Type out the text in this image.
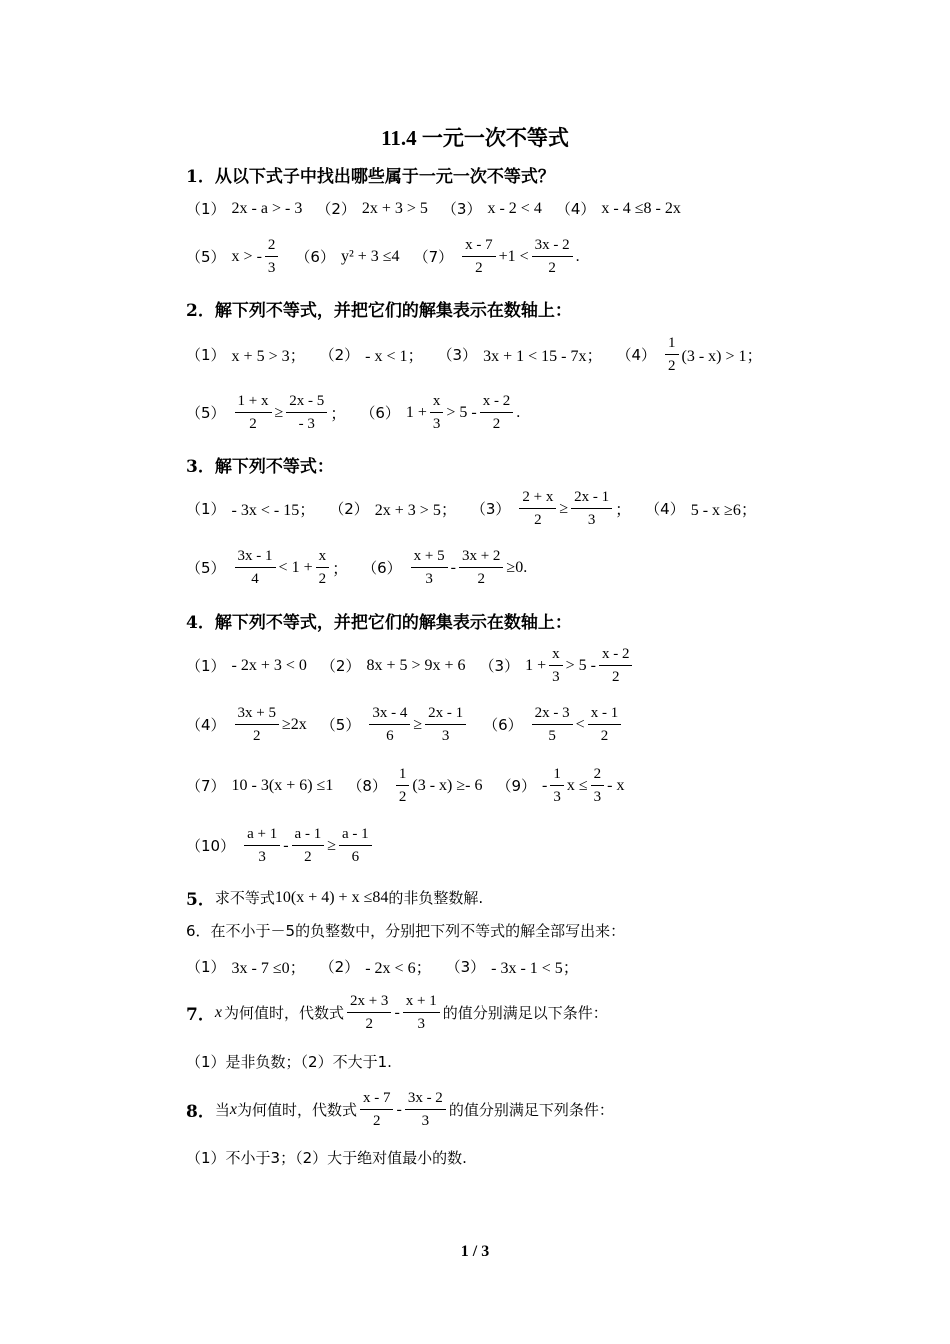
11.4 一元一次不等式
1．从以下式子中找出哪些属于一元一次不等式？
（1） 2x - a > - 3 （2） 2x + 3 > 5 （3） x - 2 < 4 （4） x - 4 ≤8 - 2x
（5） x > - $\frac{2}{3} (6) y^2 + 3 \le 4$ $(7) \frac{x - 7}{2} +1 < \frac{3x - 2}{2}$ .
2．解下列不等式，并把它们的解集表示在数轴上：
（1） x + 5 > 3； （2） - x < 1； （3） 3x + 1 < 15 - 7x； $(4) \frac{1}{2} (3 - x) > 1$；
$(5) \frac{1 + x}{2} \ge \frac{2x - 5}{- 3}$ ； （6） $1 + \frac{x}{3} > 5 - \frac{x - 2}{2}$ .
3．解下列不等式：
（1） - 3x < - 15； （2） 2x + 3 > 5； $(3) \frac{2 + x}{2} \ge \frac{2x - 1}{3}$ ； （4） 5 - x ≥6；
$(5) \frac{3x - 1}{4} < 1 + \frac{x}{2}$ ； $(6) \frac{x + 5}{3} - \frac{3x + 2}{2} \ge 0$.
4．解下列不等式，并把它们的解集表示在数轴上：
（1） - 2x + 3 < 0 （2） 8x + 5 > 9x + 6 （3） $1 + \frac{x}{3} > 5 - \frac{x - 2}{2}$
$(4) \frac{3x + 5}{2} \ge 2x$ $(5) \frac{3x - 4}{6} \ge \frac{2x - 1}{3} (6) \frac{2x - 3}{5} < \frac{x - 1}{2}$
（7） 10 - 3(x + 6) ≤1 $(8) \frac{1}{2} (3 - x) \ge- 6$ $(9) - \frac{1}{3}$ $x \le \frac{2}{3} - x$
$(10) \frac{a + 1}{3} - \frac{a - 1}{2} \ge \frac{a - 1}{6}$
5． 求不等式 10(x + 4) + x ≤84 的非负整数解.
6．在不小于－5的负整数中，分别把下列不等式的解全部写出来：
（1） 3x - 7 ≤0； （2） - 2x < 6； （3） - 3x - 1 < 5；
7． x 为何值时，代数式 $\frac{2x + 3}{2} - \frac{x + 1}{3}$ 的值分别满足以下条件：
（1）是非负数；（2）不大于1.
8． 当 x 为何值时，代数式 $\frac{x - 7}{2} - \frac{3x - 2}{3}$ 的值分别满足下列条件：
（1）不小于3；（2）大于绝对值最小的数.
1 / 3
